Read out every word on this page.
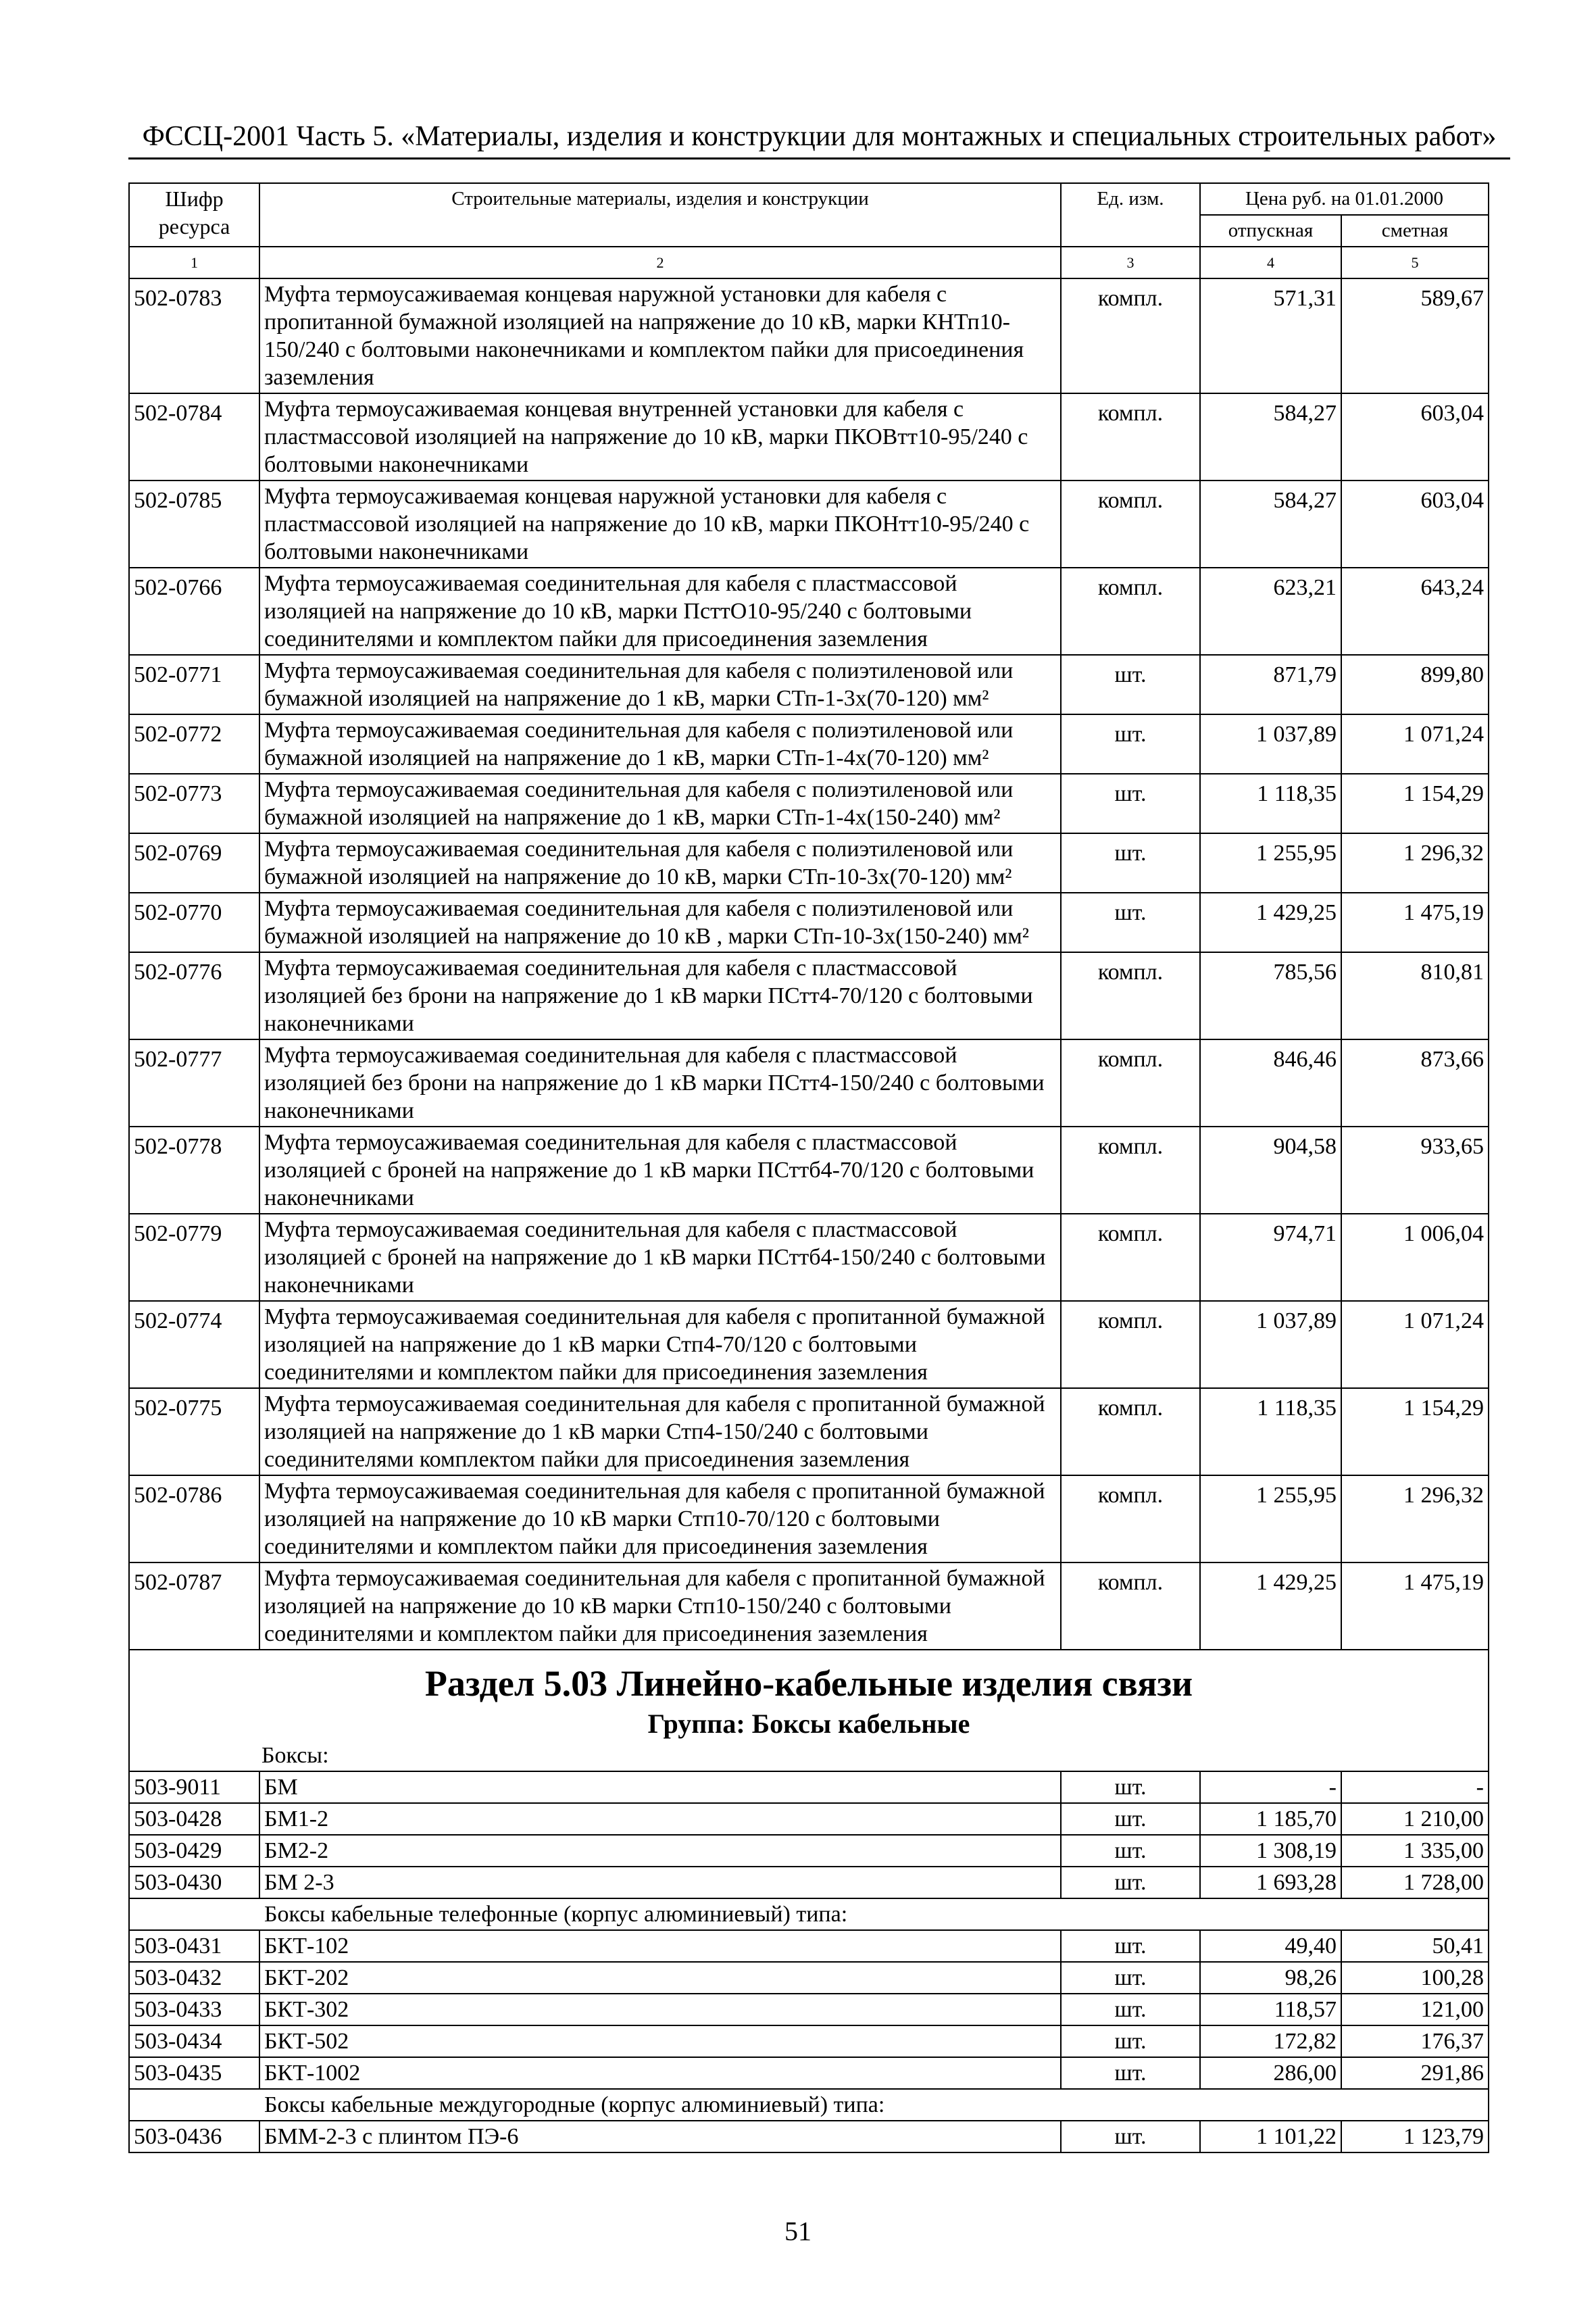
ФССЦ-2001 Часть 5. «Материалы, изделия и конструкции для монтажных и специальных строительных работ»
Шифр ресурса	Строительные материалы, изделия и конструкции	Ед. изм.	Цена руб. на 01.01.2000	
			отпускная	сметная
1	2	3	4	5
502-0783	Муфта термоусаживаемая концевая наружной установки для кабеля с пропитанной бумажной изоляцией на напряжение до 10 кВ, марки КНТп10-150/240 с болтовыми наконечниками и комплектом пайки для присоединения заземления	компл.	571,31	589,67
502-0784	Муфта термоусаживаемая концевая внутренней установки для кабеля с пластмассовой изоляцией на напряжение до 10 кВ, марки ПКОВтт10-95/240 с болтовыми наконечниками	компл.	584,27	603,04
502-0785	Муфта термоусаживаемая концевая наружной установки для кабеля с пластмассовой изоляцией на напряжение до 10 кВ, марки ПКОНтт10-95/240 с болтовыми наконечниками	компл.	584,27	603,04
502-0766	Муфта термоусаживаемая соединительная для кабеля с пластмассовой изоляцией на напряжение до 10 кВ, марки ПсттО10-95/240 с болтовыми соединителями и комплектом пайки для присоединения заземления	компл.	623,21	643,24
502-0771	Муфта термоусаживаемая соединительная для кабеля с полиэтиленовой или бумажной изоляцией на напряжение до 1 кВ, марки СТп-1-3х(70-120) мм²	шт.	871,79	899,80
502-0772	Муфта термоусаживаемая соединительная для кабеля с полиэтиленовой или бумажной изоляцией на напряжение до 1 кВ, марки СТп-1-4х(70-120) мм²	шт.	1 037,89	1 071,24
502-0773	Муфта термоусаживаемая соединительная для кабеля с полиэтиленовой или бумажной изоляцией на напряжение до 1 кВ, марки СТп-1-4х(150-240) мм²	шт.	1 118,35	1 154,29
502-0769	Муфта термоусаживаемая соединительная для кабеля с полиэтиленовой или бумажной изоляцией на напряжение до 10 кВ, марки СТп-10-3х(70-120) мм²	шт.	1 255,95	1 296,32
502-0770	Муфта термоусаживаемая соединительная для кабеля с полиэтиленовой или бумажной изоляцией на напряжение до 10 кВ , марки СТп-10-3х(150-240) мм²	шт.	1 429,25	1 475,19
502-0776	Муфта термоусаживаемая соединительная для кабеля с пластмассовой изоляцией без брони на напряжение до 1 кВ марки ПСтт4-70/120 с болтовыми наконечниками	компл.	785,56	810,81
502-0777	Муфта термоусаживаемая соединительная для кабеля с пластмассовой изоляцией без брони на напряжение до 1 кВ марки ПСтт4-150/240 с болтовыми наконечниками	компл.	846,46	873,66
502-0778	Муфта термоусаживаемая соединительная для кабеля с пластмассовой изоляцией с броней на напряжение до 1 кВ марки ПСттб4-70/120 с болтовыми наконечниками	компл.	904,58	933,65
502-0779	Муфта термоусаживаемая соединительная для кабеля с пластмассовой изоляцией с броней на напряжение до 1 кВ марки ПСттб4-150/240 с болтовыми наконечниками	компл.	974,71	1 006,04
502-0774	Муфта термоусаживаемая соединительная для кабеля с пропитанной бумажной изоляцией на напряжение до 1 кВ марки Стп4-70/120 с болтовыми соединителями и комплектом пайки для присоединения заземления	компл.	1 037,89	1 071,24
502-0775	Муфта термоусаживаемая соединительная для кабеля с пропитанной бумажной изоляцией на напряжение до 1 кВ марки Стп4-150/240 с болтовыми соединителями комплектом пайки для присоединения заземления	компл.	1 118,35	1 154,29
502-0786	Муфта термоусаживаемая соединительная для кабеля с пропитанной бумажной изоляцией на напряжение до 10 кВ марки Стп10-70/120 с болтовыми соединителями и комплектом пайки для присоединения заземления	компл.	1 255,95	1 296,32
502-0787	Муфта термоусаживаемая соединительная для кабеля с пропитанной бумажной изоляцией на напряжение до 10 кВ марки Стп10-150/240 с болтовыми соединителями и комплектом пайки для присоединения заземления	компл.	1 429,25	1 475,19

Раздел 5.03 Линейно-кабельные изделия связи
Группа: Боксы кабельные
Боксы:				

503-9011	БМ	шт.	-	-
503-0428	БМ1-2	шт.	1 185,70	1 210,00
503-0429	БМ2-2	шт.	1 308,19	1 335,00
503-0430	БМ 2-3	шт.	1 693,28	1 728,00
Боксы кабельные телефонные (корпус алюминиевый) типа:				
503-0431	БКТ-102	шт.	49,40	50,41
503-0432	БКТ-202	шт.	98,26	100,28
503-0433	БКТ-302	шт.	118,57	121,00
503-0434	БКТ-502	шт.	172,82	176,37
503-0435	БКТ-1002	шт.	286,00	291,86
Боксы кабельные междугородные (корпус алюминиевый) типа:				
503-0436	БММ-2-3 с плинтом ПЭ-6	шт.	1 101,22	1 123,79
51
